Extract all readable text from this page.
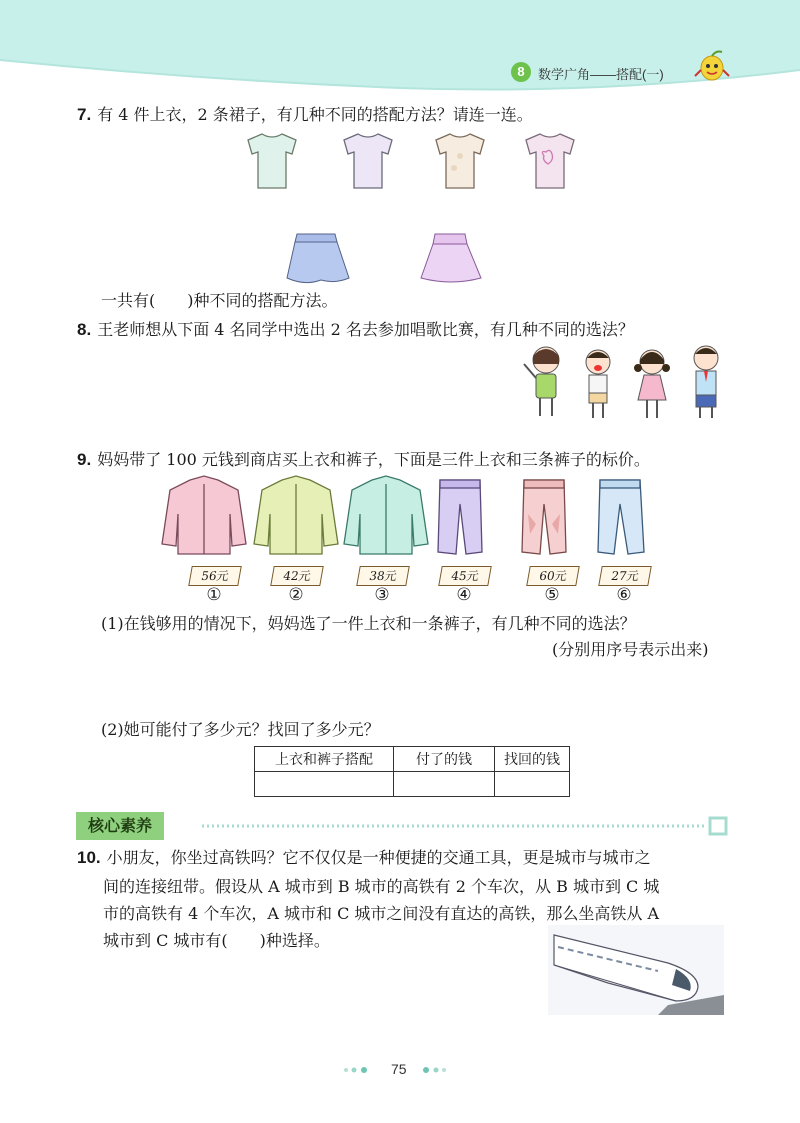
8	数学广角——搭配(一)
7. 有 4 件上衣，2 条裙子，有几种不同的搭配方法？请连一连。
一共有(　　)种不同的搭配方法。
8. 王老师想从下面 4 名同学中选出 2 名去参加唱歌比赛，有几种不同的选法？
9. 妈妈带了 100 元钱到商店买上衣和裤子，下面是三件上衣和三条裤子的标价。
56元	42元	38元	45元	60元	27元
①	②	③	④	⑤	⑥
(1)在钱够用的情况下，妈妈选了一件上衣和一条裤子，有几种不同的选法？
(分别用序号表示出来)
(2)她可能付了多少元？找回了多少元？
上衣和裤子搭配	付了的钱	找回的钱

核心素养
10. 小朋友，你坐过高铁吗？它不仅仅是一种便捷的交通工具，更是城市与城市之
间的连接纽带。假设从 A 城市到 B 城市的高铁有 2 个车次，从 B 城市到 C 城
市的高铁有 4 个车次，A 城市和 C 城市之间没有直达的高铁，那么坐高铁从 A
城市到 C 城市有(　　)种选择。
75
